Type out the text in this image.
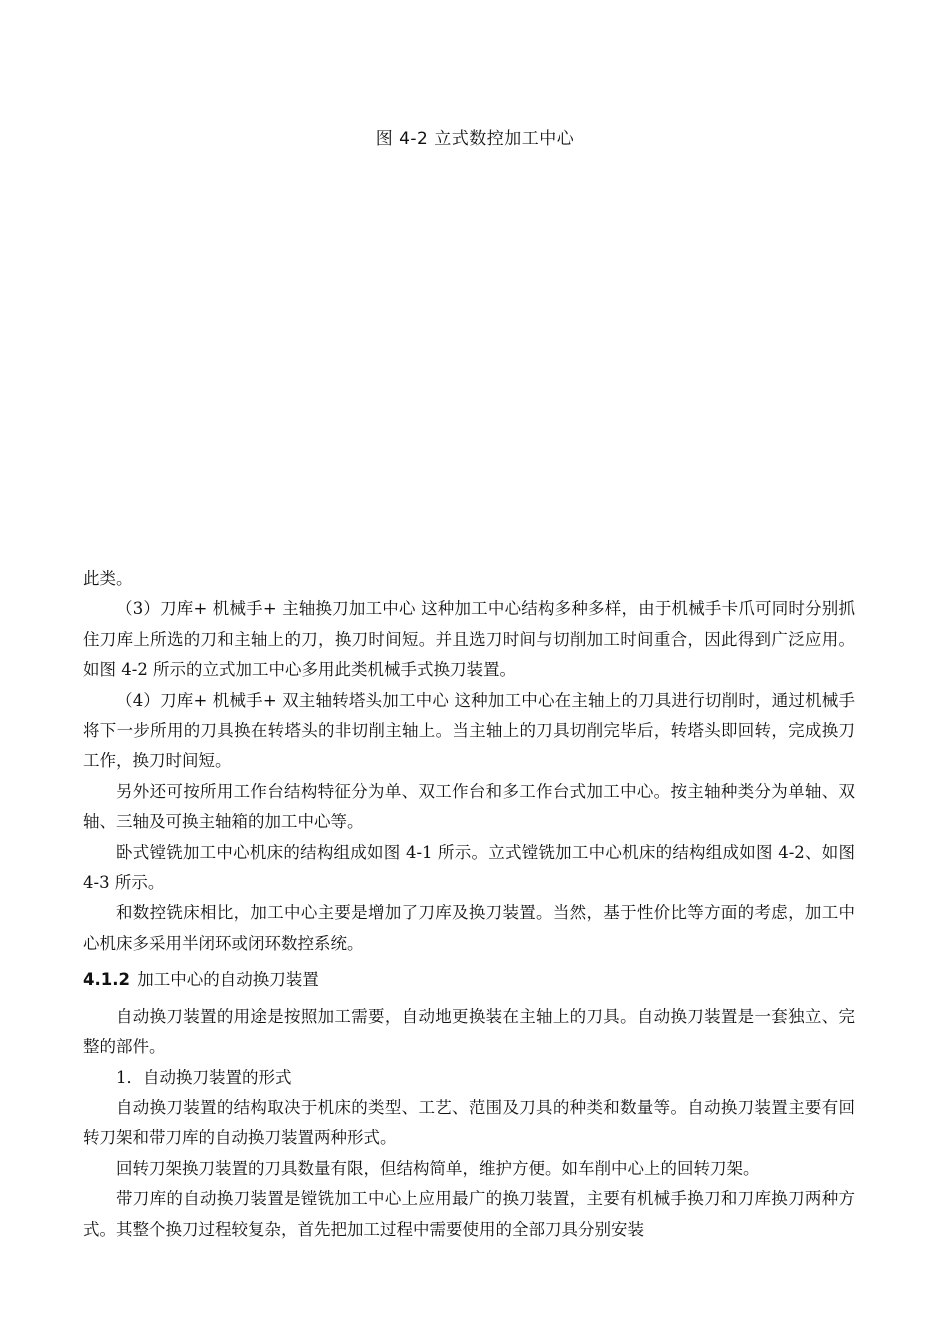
图 4-2 立式数控加工中心

此类。

（3）刀库+ 机械手+ 主轴换刀加工中心 这种加工中心结构多种多样，由于机械手卡爪可同时分别抓住刀库上所选的刀和主轴上的刀，换刀时间短。并且选刀时间与切削加工时间重合，因此得到广泛应用。如图 4-2 所示的立式加工中心多用此类机械手式换刀装置。

（4）刀库+ 机械手+ 双主轴转塔头加工中心 这种加工中心在主轴上的刀具进行切削时，通过机械手将下一步所用的刀具换在转塔头的非切削主轴上。当主轴上的刀具切削完毕后，转塔头即回转，完成换刀工作，换刀时间短。

另外还可按所用工作台结构特征分为单、双工作台和多工作台式加工中心。按主轴种类分为单轴、双轴、三轴及可换主轴箱的加工中心等。

卧式镗铣加工中心机床的结构组成如图 4-1 所示。立式镗铣加工中心机床的结构组成如图 4-2、如图 4-3 所示。

和数控铣床相比，加工中心主要是增加了刀库及换刀装置。当然，基于性价比等方面的考虑，加工中心机床多采用半闭环或闭环数控系统。

4.1.2 加工中心的自动换刀装置

自动换刀装置的用途是按照加工需要，自动地更换装在主轴上的刀具。自动换刀装置是一套独立、完整的部件。

1．自动换刀装置的形式

自动换刀装置的结构取决于机床的类型、工艺、范围及刀具的种类和数量等。自动换刀装置主要有回转刀架和带刀库的自动换刀装置两种形式。

回转刀架换刀装置的刀具数量有限，但结构简单，维护方便。如车削中心上的回转刀架。

带刀库的自动换刀装置是镗铣加工中心上应用最广的换刀装置，主要有机械手换刀和刀库换刀两种方式。其整个换刀过程较复杂，首先把加工过程中需要使用的全部刀具分别安装
